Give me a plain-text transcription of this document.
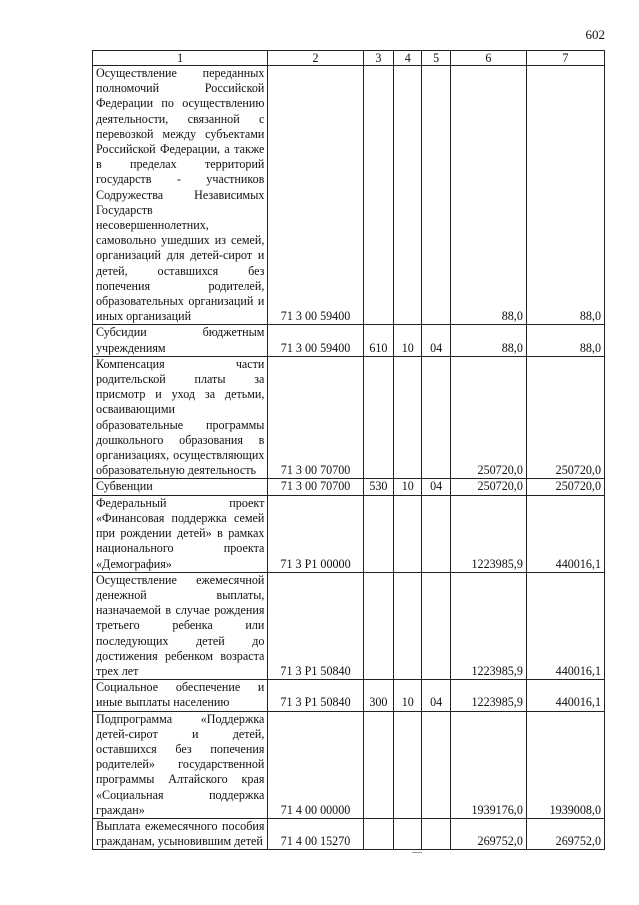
602
1	2	3	4	5	6	7
Осуществление переданных полномочий Российской Федерации по осуществлению деятельности, связанной с перевозкой между субъектами Российской Федерации, а также в пределах территорий государств - участников Содружества Независимых Государств несовершеннолетних, самовольно ушедших из семей, организаций для детей-сирот и детей, оставшихся без попечения родителей, образовательных организаций и иных организаций	71 3 00 59400				88,0	88,0
Субсидии бюджетным учреждениям	71 3 00 59400	610	10	04	88,0	88,0
Компенсация части родительской платы за присмотр и уход за детьми, осваивающими образовательные программы дошкольного образования в организациях, осуществляющих образовательную деятельность	71 3 00 70700				250720,0	250720,0
Субвенции	71 3 00 70700	530	10	04	250720,0	250720,0
Федеральный проект «Финансовая поддержка семей при рождении детей» в рамках национального проекта «Демография»	71 3 P1 00000				1223985,9	440016,1
Осуществление ежемесячной денежной выплаты, назначаемой в случае рождения третьего ребенка или последующих детей до достижения ребенком возраста трех лет	71 3 P1 50840				1223985,9	440016,1
Социальное обеспечение и иные выплаты населению	71 3 P1 50840	300	10	04	1223985,9	440016,1
Подпрограмма «Поддержка детей-сирот и детей, оставшихся без попечения родителей» государственной программы Алтайского края «Социальная поддержка граждан»	71 4 00 00000				1939176,0	1939008,0
Выплата ежемесячного пособия гражданам, усыновившим детей	71 4 00 15270				269752,0	269752,0
